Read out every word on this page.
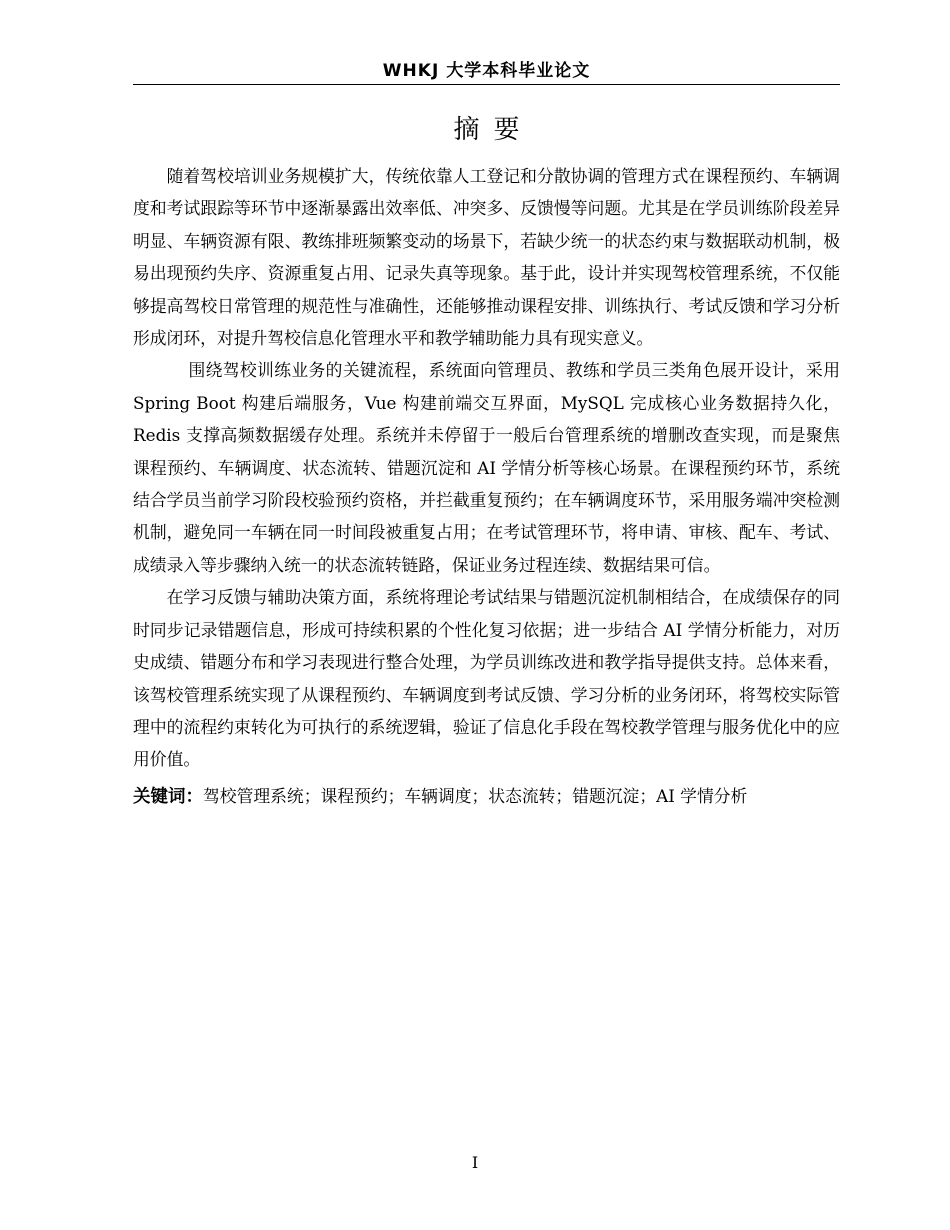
WHKJ 大学本科毕业论文
摘要

随着驾校培训业务规模扩大，传统依靠人工登记和分散协调的管理方式在课程预约、车辆调度和考试跟踪等环节中逐渐暴露出效率低、冲突多、反馈慢等问题。尤其是在学员训练阶段差异明显、车辆资源有限、教练排班频繁变动的场景下，若缺少统一的状态约束与数据联动机制，极易出现预约失序、资源重复占用、记录失真等现象。基于此，设计并实现驾校管理系统，不仅能够提高驾校日常管理的规范性与准确性，还能够推动课程安排、训练执行、考试反馈和学习分析形成闭环，对提升驾校信息化管理水平和教学辅助能力具有现实意义。

围绕驾校训练业务的关键流程，系统面向管理员、教练和学员三类角色展开设计，采用 Spring Boot 构建后端服务，Vue 构建前端交互界面，MySQL 完成核心业务数据持久化，Redis 支撑高频数据缓存处理。系统并未停留于一般后台管理系统的增删改查实现，而是聚焦课程预约、车辆调度、状态流转、错题沉淀和 AI 学情分析等核心场景。在课程预约环节，系统结合学员当前学习阶段校验预约资格，并拦截重复预约；在车辆调度环节，采用服务端冲突检测机制，避免同一车辆在同一时间段被重复占用；在考试管理环节，将申请、审核、配车、考试、成绩录入等步骤纳入统一的状态流转链路，保证业务过程连续、数据结果可信。

在学习反馈与辅助决策方面，系统将理论考试结果与错题沉淀机制相结合，在成绩保存的同时同步记录错题信息，形成可持续积累的个性化复习依据；进一步结合 AI 学情分析能力，对历史成绩、错题分布和学习表现进行整合处理，为学员训练改进和教学指导提供支持。总体来看，该驾校管理系统实现了从课程预约、车辆调度到考试反馈、学习分析的业务闭环，将驾校实际管理中的流程约束转化为可执行的系统逻辑，验证了信息化手段在驾校教学管理与服务优化中的应用价值。

关键词：驾校管理系统；课程预约；车辆调度；状态流转；错题沉淀；AI 学情分析
I
